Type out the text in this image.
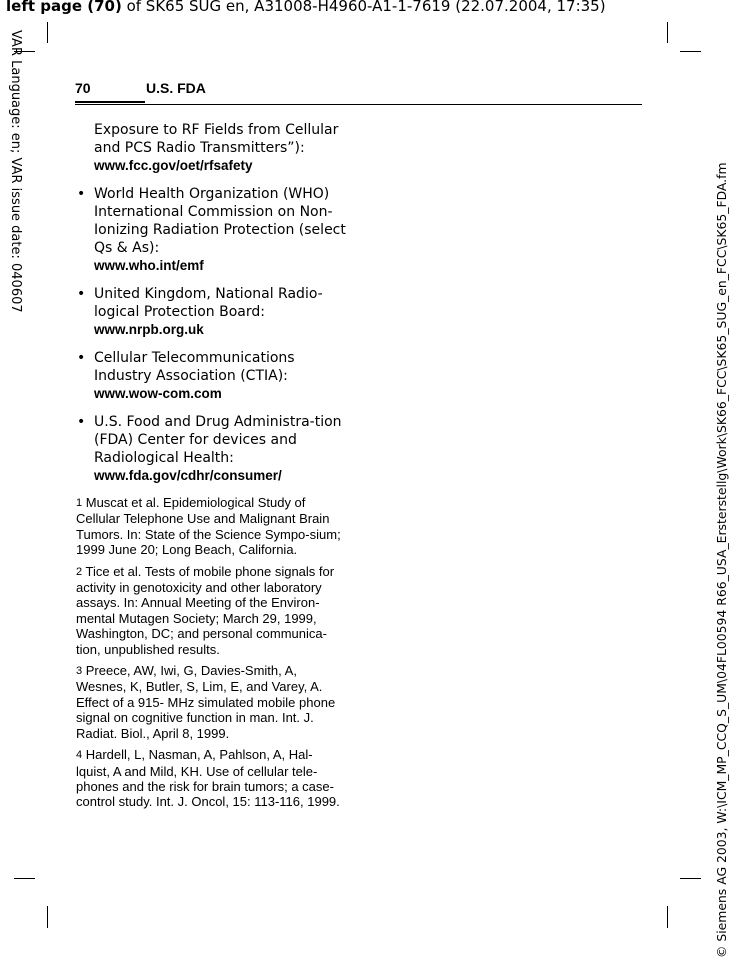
left page (70) of SK65 SUG en, A31008-H4960-A1-1-7619 (22.07.2004, 17:35)
VAR Language: en; VAR issue date: 040607	© Siemens AG 2003, W:\ICM_MP_CCQ_S_UM\04FL00594 R66_USA_Ersterstellg\Work\SK66_FCC\SK65_SUG_en_FCC\SK65_FDA.fm
70	U.S. FDA
Exposure to RF Fields from Cellular and PCS Radio Transmitters”):
www.fcc.gov/oet/rfsafety
• World Health Organization (WHO) International Commission on Non-Ionizing Radiation Protection (select Qs & As):
www.who.int/emf
• United Kingdom, National Radio-logical Protection Board:
www.nrpb.org.uk
• Cellular Telecommunications Industry Association (CTIA):
www.wow-com.com
• U.S. Food and Drug Administra-tion (FDA) Center for devices and Radiological Health:
www.fda.gov/cdhr/consumer/
1 Muscat et al. Epidemiological Study of Cellular Telephone Use and Malignant Brain Tumors. In: State of the Science Sympo-sium; 1999 June 20; Long Beach, California.
2 Tice et al. Tests of mobile phone signals for activity in genotoxicity and other laboratory assays. In: Annual Meeting of the Environ-mental Mutagen Society; March 29, 1999, Washington, DC; and personal communica-tion, unpublished results.
3 Preece, AW, Iwi, G, Davies-Smith, A, Wesnes, K, Butler, S, Lim, E, and Varey, A. Effect of a 915- MHz simulated mobile phone signal on cognitive function in man. Int. J. Radiat. Biol., April 8, 1999.
4 Hardell, L, Nasman, A, Pahlson, A, Hal-lquist, A and Mild, KH. Use of cellular tele-phones and the risk for brain tumors; a case-control study. Int. J. Oncol, 15: 113-116, 1999.
